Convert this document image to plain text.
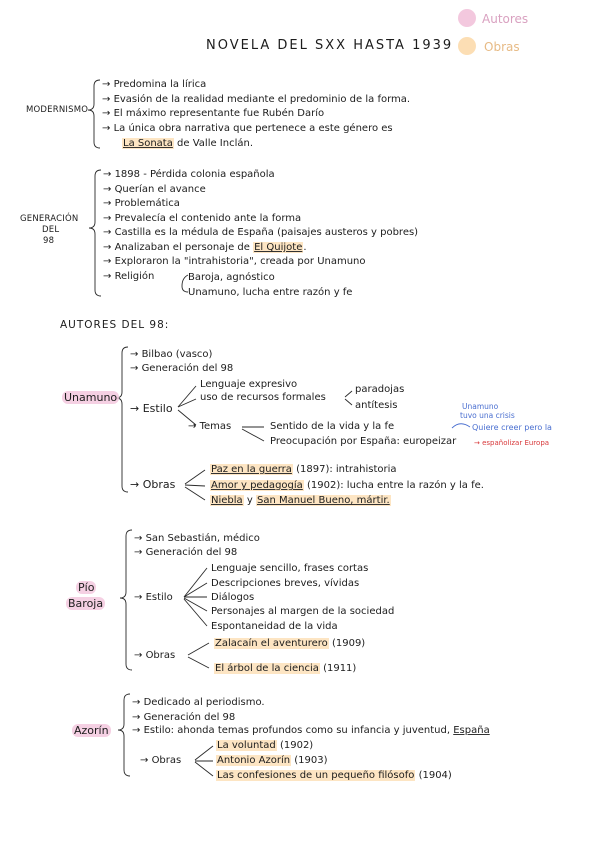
Autores
Obras
NOVELA DEL SXX HASTA 1939
MODERNISMO
→ Predomina la lírica
→ Evasión de la realidad mediante el predominio de la forma.
→ El máximo representante fue Rubén Darío
→ La única obra narrativa que pertenece a este género es
La Sonata de Valle Inclán.
GENERACIÓN
DEL
98
→ 1898 - Pérdida colonia española
→ Querían el avance
→ Problemática
→ Prevalecía el contenido ante la forma
→ Castilla es la médula de España (paisajes austeros y pobres)
→ Analizaban el personaje de El Quijote.
→ Exploraron la "intrahistoria", creada por Unamuno
→ Religión	Baroja, agnóstico
Unamuno, lucha entre razón y fe
AUTORES DEL 98:
Unamuno
→ Bilbao (vasco)
→ Generación del 98
→ Estilo
Lenguaje expresivo
uso de recursos formales
paradojas
antítesis
→ Temas	Sentido de la vida y la fe
Preocupación por España: europeizar
Unamuno
tuvo una crisis
Quiere creer pero la
→ españolizar Europa
→ Obras
Paz en la guerra (1897): intrahistoria
Amor y pedagogía (1902): lucha entre la razón y la fe.
Niebla y San Manuel Bueno, mártir.
Pío
Baroja
→ San Sebastián, médico
→ Generación del 98
→ Estilo
Lenguaje sencillo, frases cortas
Descripciones breves, vívidas
Diálogos
Personajes al margen de la sociedad
Espontaneidad de la vida
→ Obras
Zalacaín el aventurero (1909)
El árbol de la ciencia (1911)
Azorín
→ Dedicado al periodismo.
→ Generación del 98
→ Estilo: ahonda temas profundos como su infancia y juventud, España
→ Obras
La voluntad (1902)
Antonio Azorín (1903)
Las confesiones de un pequeño filósofo (1904)
